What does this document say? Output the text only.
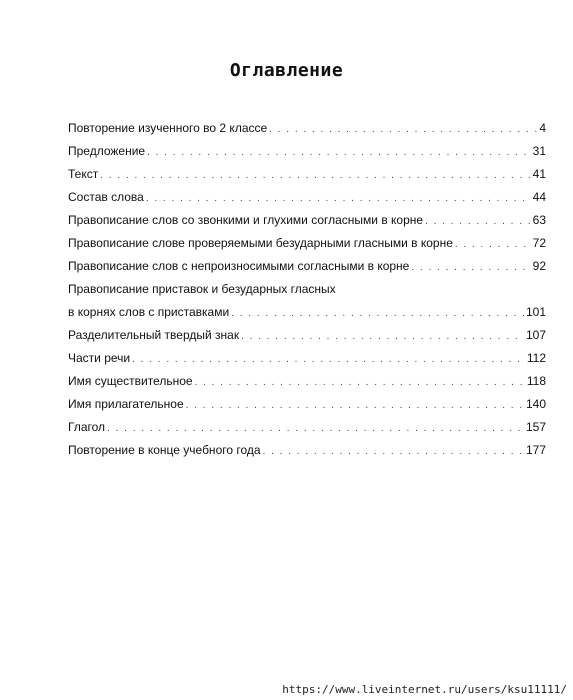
Оглавление
Повторение изученного во 2 классе . . .	4
Предложение . . .	31
Текст . . .	41
Состав слова . . .	44
Правописание слов со звонкими и глухими согласными в корне . . .	63
Правописание слове проверяемыми безударными гласными в корне . . .	72
Правописание слов с непроизносимыми согласными в корне . . .	92
Правописание приставок и безударных гласных
в корнях слов с приставками . . .	101
Разделительный твердый знак . . .	107
Части речи . . .	112
Имя существительное . . .	118
Имя прилагательное . . .	140
Глагол . . .	157
Повторение в конце учебного года . . .	177
https://www.liveinternet.ru/users/ksu11111/
